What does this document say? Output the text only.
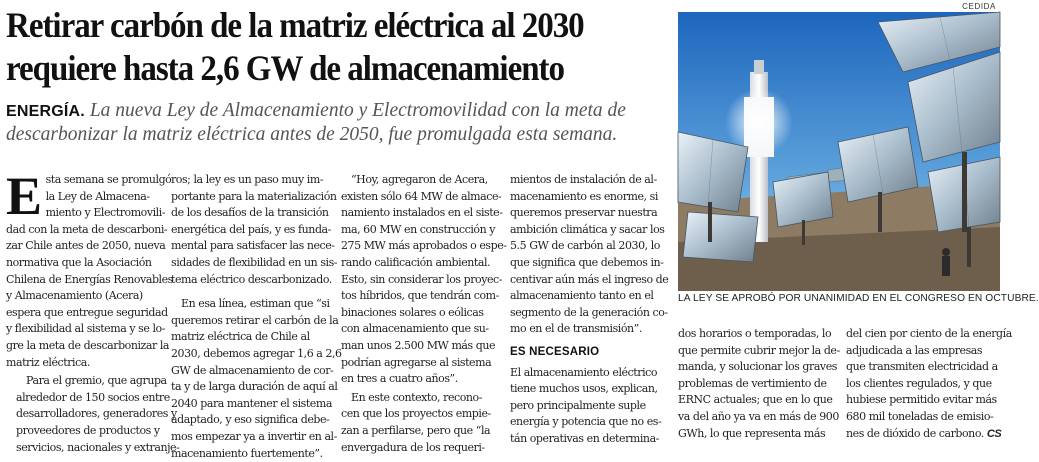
Retirar carbón de la matriz eléctrica al 2030
requiere hasta 2,6 GW de almacenamiento
ENERGÍA. La nueva Ley de Almacenamiento y Electromovilidad con la meta de
descarbonizar la matriz eléctrica antes de 2050, fue promulgada esta semana.

E sta semana se promulgó
la Ley de Almacena-
miento y Electromovili-
dad con la meta de descarboni-
zar Chile antes de 2050, nueva
normativa que la Asociación
Chilena de Energías Renovables
y Almacenamiento (Acera)
espera que entregue seguridad
y flexibilidad al sistema y se lo-
gre la meta de descarbonizar la
matriz eléctrica.

Para el gremio, que agrupa
alrededor de 150 socios entre
desarrolladores, generadores y
proveedores de productos y
servicios, nacionales y extranje-

ros; la ley es un paso muy im-
portante para la materialización
de los desafíos de la transición
energética del país, y es funda-
mental para satisfacer las nece-
sidades de flexibilidad en un sis-
tema eléctrico descarbonizado.

En esa línea, estiman que “si
queremos retirar el carbón de la
matriz eléctrica de Chile al
2030, debemos agregar 1,6 a 2,6
GW de almacenamiento de cor-
ta y de larga duración de aquí al
2040 para mantener el sistema
adaptado, y eso significa debe-
mos empezar ya a invertir en al-
macenamiento fuertemente”.

“Hoy, agregaron de Acera,
existen sólo 64 MW de almace-
namiento instalados en el siste-
ma, 60 MW en construcción y
275 MW más aprobados o espe-
rando calificación ambiental.
Esto, sin considerar los proyec-
tos híbridos, que tendrán com-
binaciones solares o eólicas
con almacenamiento que su-
man unos 2.500 MW más que
podrían agregarse al sistema
en tres a cuatro años”.

En este contexto, recono-
cen que los proyectos empie-
zan a perfilarse, pero que “la
envergadura de los requeri-

mientos de instalación de al-
macenamiento es enorme, si
queremos preservar nuestra
ambición climática y sacar los
5.5 GW de carbón al 2030, lo
que significa que debemos in-
centivar aún más el ingreso de
almacenamiento tanto en el
segmento de la generación co-
mo en el de transmisión”.

ES NECESARIO

El almacenamiento eléctrico
tiene muchos usos, explican,
pero principalmente suple
energía y potencia que no es-
tán operativas en determina-

dos horarios o temporadas, lo
que permite cubrir mejor la de-
manda, y solucionar los graves
problemas de vertimiento de
ERNC actuales; que en lo que
va del año ya va en más de 900
GWh, lo que representa más

del cien por ciento de la energía
adjudicada a las empresas
que transmiten electricidad a
los clientes regulados, y que
hubiese permitido evitar más
680 mil toneladas de emisio-
nes de dióxido de carbono. CS

CEDIDA
LA LEY SE APROBÓ POR UNANIMIDAD EN EL CONGRESO EN OCTUBRE.
